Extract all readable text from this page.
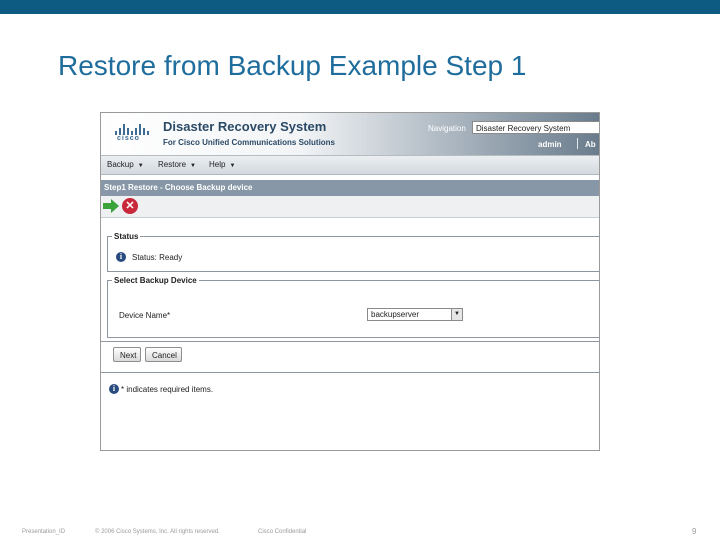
Restore from Backup Example Step 1
cisco
Disaster Recovery System
For Cisco Unified Communications Solutions
Navigation	Disaster Recovery System
admin	Ab
Backup ▼ Restore ▼ Help ▼
Step1 Restore - Choose Backup device
✕
Status
i	Status: Ready
Select Backup Device
Device Name*	backupserver	▼
Next	Cancel
i * indicates required items.
Presentation_ID	© 2006 Cisco Systems, Inc. All rights reserved.	Cisco Confidential	9
